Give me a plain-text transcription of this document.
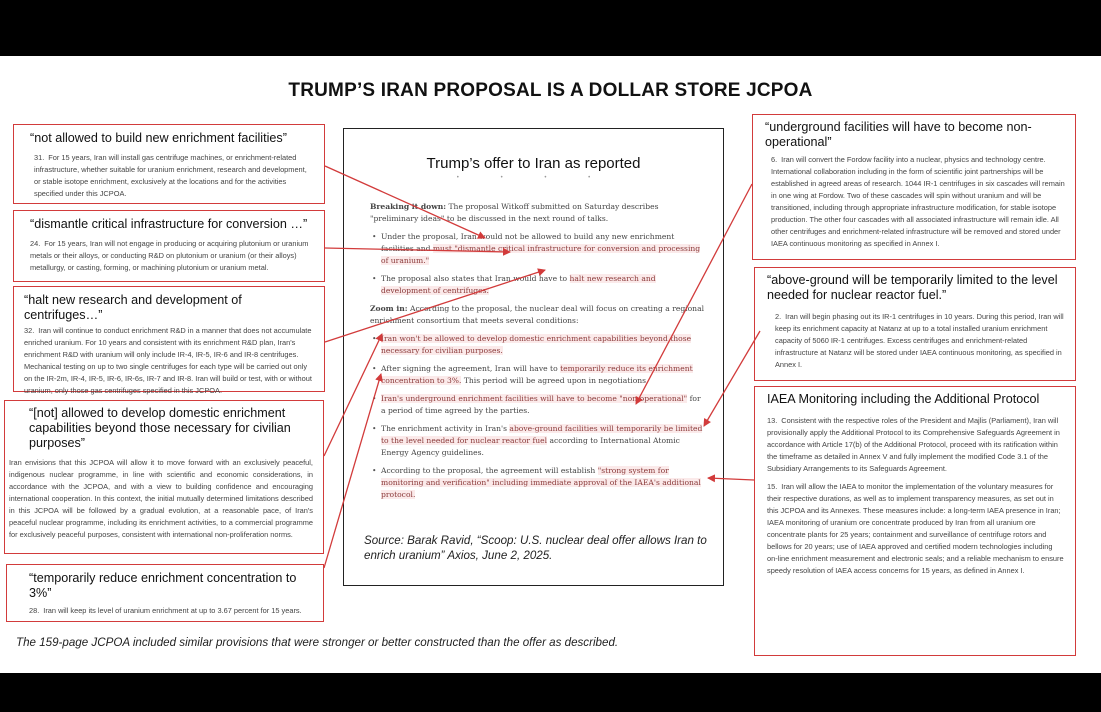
TRUMP’S IRAN PROPOSAL IS A DOLLAR STORE JCPOA
“not allowed to build new enrichment facilities”
31. For 15 years, Iran will install gas centrifuge machines, or enrichment-related infrastructure, whether suitable for uranium enrichment, research and development, or stable isotope enrichment, exclusively at the locations and for the activities specified under this JCPOA.
“dismantle critical infrastructure for conversion …”
24. For 15 years, Iran will not engage in producing or acquiring plutonium or uranium metals or their alloys, or conducting R&D on plutonium or uranium (or their alloys) metallurgy, or casting, forming, or machining plutonium or uranium metal.
“halt new research and development of centrifuges…”
32. Iran will continue to conduct enrichment R&D in a manner that does not accumulate enriched uranium. For 10 years and consistent with its enrichment R&D plan, Iran's enrichment R&D with uranium will only include IR-4, IR-5, IR-6 and IR-8 centrifuges. Mechanical testing on up to two single centrifuges for each type will be carried out only on the IR-2m, IR-4, IR-5, IR-6, IR-6s, IR-7 and IR-8. Iran will build or test, with or without uranium, only those gas centrifuges specified in this JCPOA.
“[not] allowed to develop domestic enrichment capabilities beyond those necessary for civilian purposes”
Iran envisions that this JCPOA will allow it to move forward with an exclusively peaceful, indigenous nuclear programme, in line with scientific and economic considerations, in accordance with the JCPOA, and with a view to building confidence and encouraging international cooperation. In this context, the initial mutually determined limitations described in this JCPOA will be followed by a gradual evolution, at a reasonable pace, of Iran's peaceful nuclear programme, including its enrichment activities, to a commercial programme for exclusively peaceful purposes, consistent with international non-proliferation norms.
“temporarily reduce enrichment concentration to 3%”
28. Iran will keep its level of uranium enrichment at up to 3.67 percent for 15 years.
Trump’s offer to Iran as reported
• • • •

Breaking it down: The proposal Witkoff submitted on Saturday describes "preliminary ideas" to be discussed in the next round of talks.

• Under the proposal, Iran would not be allowed to build any new enrichment facilities and must "dismantle critical infrastructure for conversion and processing of uranium."
• The proposal also states that Iran would have to halt new research and development of centrifuges.

Zoom in: According to the proposal, the nuclear deal will focus on creating a regional enrichment consortium that meets several conditions:

• Iran won't be allowed to develop domestic enrichment capabilities beyond those necessary for civilian purposes.
• After signing the agreement, Iran will have to temporarily reduce its enrichment concentration to 3%. This period will be agreed upon in negotiations.
• Iran's underground enrichment facilities will have to become "non-operational" for a period of time agreed by the parties.
• The enrichment activity in Iran's above-ground facilities will temporarily be limited to the level needed for nuclear reactor fuel according to International Atomic Energy Agency guidelines.
• According to the proposal, the agreement will establish "strong system for monitoring and verification" including immediate approval of the IAEA's additional protocol.
Source: Barak Ravid, “Scoop: U.S. nuclear deal offer allows Iran to enrich uranium” Axios, June 2, 2025.
“underground facilities will have to become non-operational”
6. Iran will convert the Fordow facility into a nuclear, physics and technology centre. International collaboration including in the form of scientific joint partnerships will be established in agreed areas of research. 1044 IR-1 centrifuges in six cascades will remain in one wing at Fordow. Two of these cascades will spin without uranium and will be transitioned, including through appropriate infrastructure modification, for stable isotope production. The other four cascades with all associated infrastructure will remain idle. All other centrifuges and enrichment-related infrastructure will be removed and stored under IAEA continuous monitoring as specified in Annex I.
“above-ground will be temporarily limited to the level needed for nuclear reactor fuel.”
2. Iran will begin phasing out its IR-1 centrifuges in 10 years. During this period, Iran will keep its enrichment capacity at Natanz at up to a total installed uranium enrichment capacity of 5060 IR-1 centrifuges. Excess centrifuges and enrichment-related infrastructure at Natanz will be stored under IAEA continuous monitoring, as specified in Annex I.
IAEA Monitoring including the Additional Protocol
13. Consistent with the respective roles of the President and Majlis (Parliament), Iran will provisionally apply the Additional Protocol to its Comprehensive Safeguards Agreement in accordance with Article 17(b) of the Additional Protocol, proceed with its ratification within the timeframe as detailed in Annex V and fully implement the modified Code 3.1 of the Subsidiary Arrangements to its Safeguards Agreement.
15. Iran will allow the IAEA to monitor the implementation of the voluntary measures for their respective durations, as well as to implement transparency measures, as set out in this JCPOA and its Annexes. These measures include: a long-term IAEA presence in Iran; IAEA monitoring of uranium ore concentrate produced by Iran from all uranium ore concentrate plants for 25 years; containment and surveillance of centrifuge rotors and bellows for 20 years; use of IAEA approved and certified modern technologies including on-line enrichment measurement and electronic seals; and a reliable mechanism to ensure speedy resolution of IAEA access concerns for 15 years, as defined in Annex I.
The 159-page JCPOA included similar provisions that were stronger or better constructed than the offer as described.
